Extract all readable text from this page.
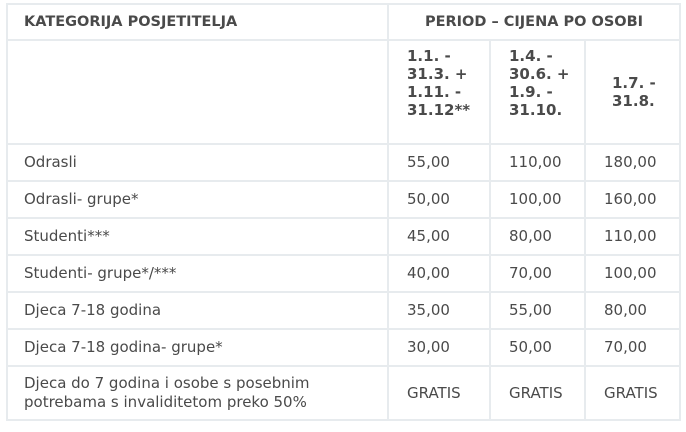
KATEGORIJA POSJETITELJA	PERIOD – CIJENA PO OSOBI		
	1.1. -
31.3. +
1.11. -
31.12**	1.4. -
30.6. +
1.9. -
31.10.	1.7. -
31.8.
Odrasli	55,00	110,00	180,00
Odrasli- grupe*	50,00	100,00	160,00
Studenti***	45,00	80,00	110,00
Studenti- grupe*/***	40,00	70,00	100,00
Djeca 7-18 godina	35,00	55,00	80,00
Djeca 7-18 godina- grupe*	30,00	50,00	70,00
Djeca do 7 godina i osobe s posebnim
potrebama s invaliditetom preko 50%	GRATIS	GRATIS	GRATIS
